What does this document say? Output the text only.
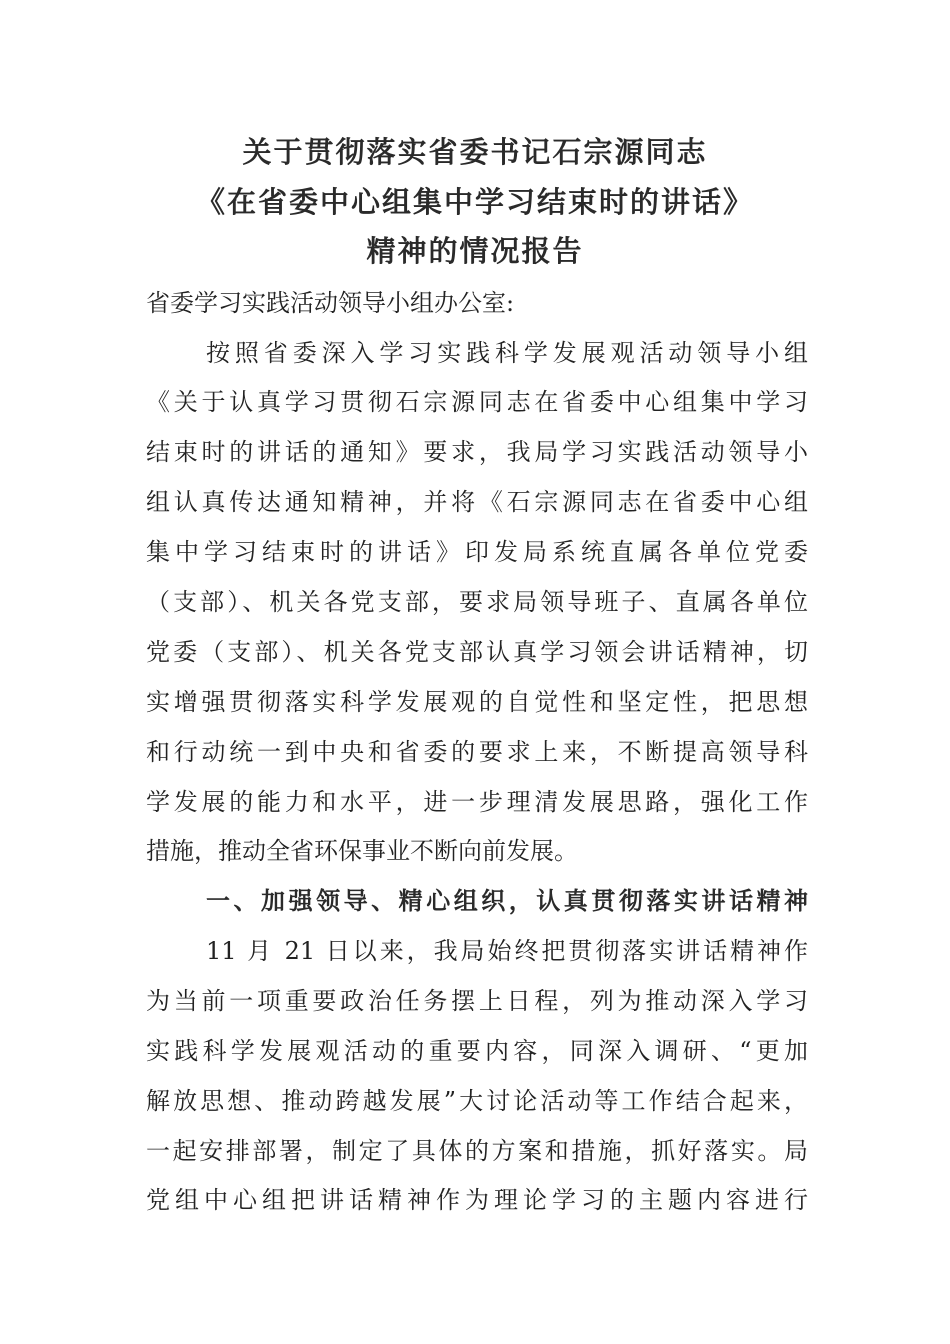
关于贯彻落实省委书记石宗源同志
《在省委中心组集中学习结束时的讲话》
精神的情况报告
省委学习实践活动领导小组办公室:
按照省委深入学习实践科学发展观活动领导小组
《关于认真学习贯彻石宗源同志在省委中心组集中学习
结束时的讲话的通知》要求，我局学习实践活动领导小
组认真传达通知精神，并将《石宗源同志在省委中心组
集中学习结束时的讲话》印发局系统直属各单位党委
（支部）、机关各党支部，要求局领导班子、直属各单位
党委（支部）、机关各党支部认真学习领会讲话精神，切
实增强贯彻落实科学发展观的自觉性和坚定性，把思想
和行动统一到中央和省委的要求上来，不断提高领导科
学发展的能力和水平，进一步理清发展思路，强化工作
措施，推动全省环保事业不断向前发展。
一、加强领导、精心组织，认真贯彻落实讲话精神
11 月 21 日以来，我局始终把贯彻落实讲话精神作
为当前一项重要政治任务摆上日程，列为推动深入学习
实践科学发展观活动的重要内容，同深入调研、“更加
解放思想、推动跨越发展”大讨论活动等工作结合起来，
一起安排部署，制定了具体的方案和措施，抓好落实。局
党组中心组把讲话精神作为理论学习的主题内容进行
